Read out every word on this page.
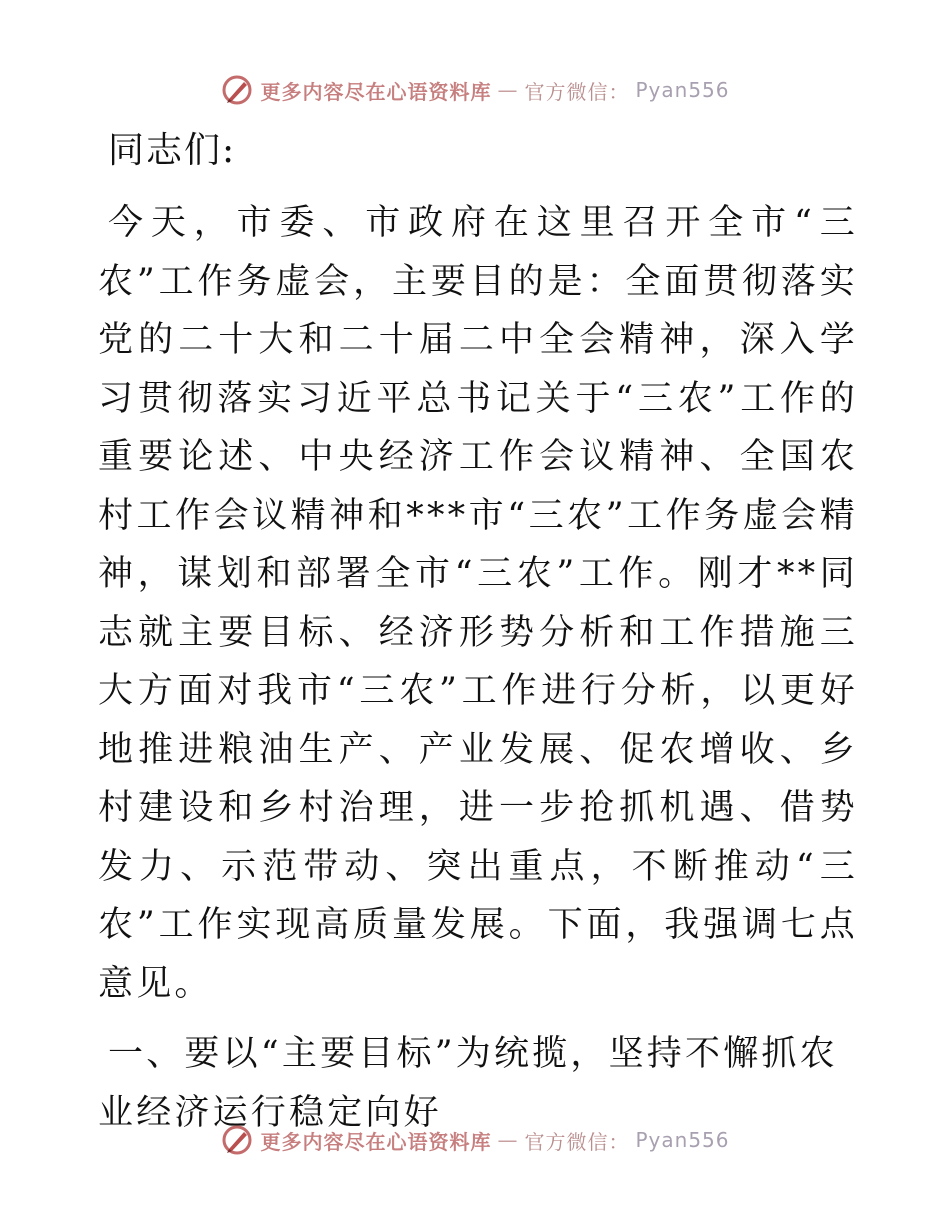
更多内容尽在心语资料库 — 官方微信： Pyan556

同志们:

今天，市委、市政府在这里召开全市“三农”工作务虚会，主要目的是：全面贯彻落实党的二十大和二十届二中全会精神，深入学习贯彻落实习近平总书记关于“三农”工作的重要论述、中央经济工作会议精神、全国农村工作会议精神和***市“三农”工作务虚会精神，谋划和部署全市“三农”工作。刚才**同志就主要目标、经济形势分析和工作措施三大方面对我市“三农”工作进行分析，以更好地推进粮油生产、产业发展、促农增收、乡村建设和乡村治理，进一步抢抓机遇、借势发力、示范带动、突出重点，不断推动“三农”工作实现高质量发展。下面，我强调七点意见。

一、要以“主要目标”为统揽，坚持不懈抓农业经济运行稳定向好

更多内容尽在心语资料库 — 官方微信： Pyan556
